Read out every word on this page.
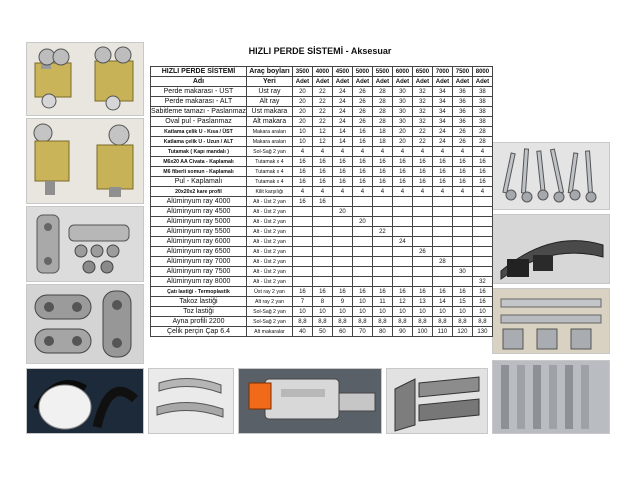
HIZLI PERDE SİSTEMİ - Aksesuar
HIZLI PERDE SİSTEMİ	Araç boyları	3500	4000	4500	5000	5500	6000	6500	7000	7500	8000
Adı	Yeri	Adet	Adet	Adet	Adet	Adet	Adet	Adet	Adet	Adet	Adet
Perde makarası - ÜST	Üst ray	20	22	24	26	28	30	32	34	36	38
Perde makarası - ALT	Alt ray	20	22	24	26	28	30	32	34	36	38
Sabitleme tamazı - Paslanmaz	Üst makara	20	22	24	26	28	30	32	34	36	38
Oval pul - Paslanmaz	Alt makara	20	22	24	26	28	30	32	34	36	38
Katlama çelik U - Kısa / ÜST	Makara araları	10	12	14	16	18	20	22	24	26	28
Katlama çelik U - Uzun / ALT	Makara araları	10	12	14	16	18	20	22	24	26	28
Tutamak ( Kapı mandalı )	Sol-Sağ 2 yan	4	4	4	4	4	4	4	4	4	4
M6x20 AA Civata - Kaplamalı	Tutamak x 4	16	16	16	16	16	16	16	16	16	16
M6 fiberli somun - Kaplamalı	Tutamak x 4	16	16	16	16	16	16	16	16	16	16
Pul - Kaplamalı	Tutamak x 4	16	16	16	16	16	16	16	16	16	16
20x20x2 kare profil	Kilit karşılığı	4	4	4	4	4	4	4	4	4	4
Alüminyum ray 4000	Alt - Üst 2 yan	16	16								
Alüminyum ray 4500	Alt - Üst 2 yan			20							
Alüminyum ray 5000	Alt - Üst 2 yan				20						
Alüminyum ray 5500	Alt - Üst 2 yan					22					
Alüminyum ray 6000	Alt - Üst 2 yan						24				
Alüminyum ray 6500	Alt - Üst 2 yan							26			
Alüminyum ray 7000	Alt - Üst 2 yan								28		
Alüminyum ray 7500	Alt - Üst 2 yan									30	
Alüminyum ray 8000	Alt - Üst 2 yan										32
Çatı lastiği - Termoplastik	Üst ray 2 yan	16	16	16	16	16	16	16	16	16	16
Takoz lastiği	Alt ray 2 yan	7	8	9	10	11	12	13	14	15	16
Toz lastiği	Sol-Sağ 2 yan	10	10	10	10	10	10	10	10	10	10
Ayna profili 2200	Sol-Sağ 2 yan	8,8	8,8	8,8	8,8	8,8	8,8	8,8	8,8	8,8	8,8
Çelik perçin Çap 6.4	Alt makaralar	40	50	60	70	80	90	100	110	120	130
